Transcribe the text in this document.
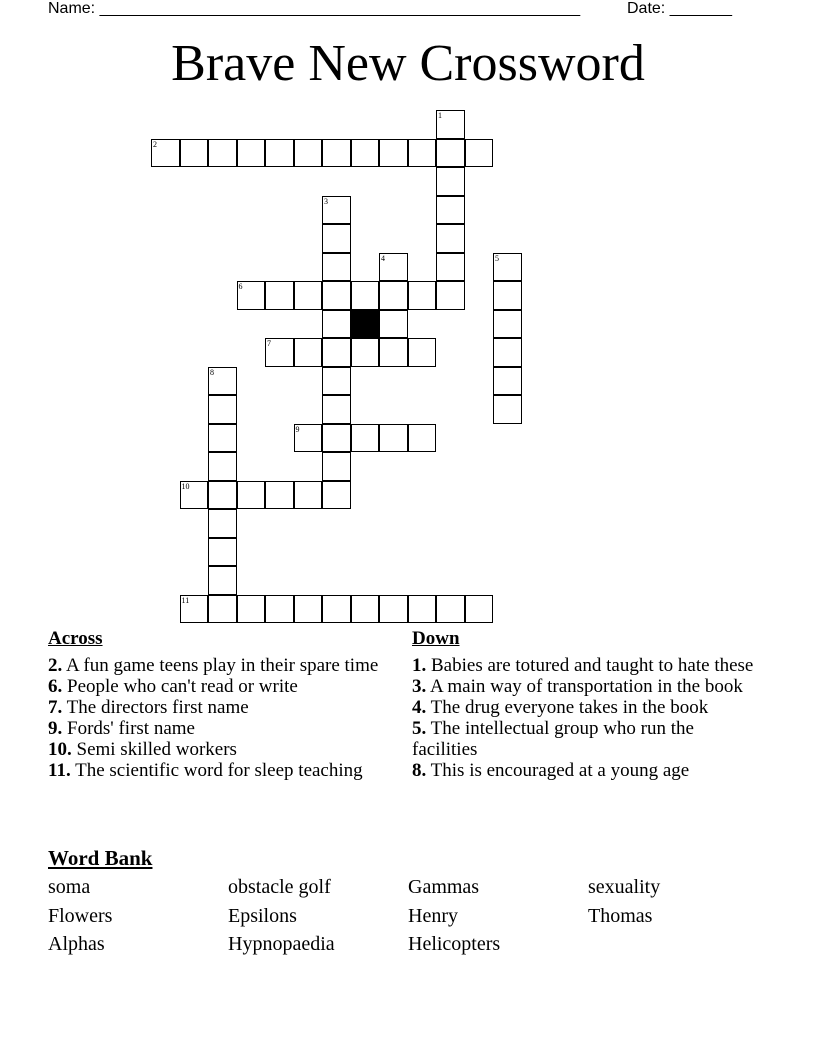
Name: ______________________________________________________	Date: _______
Brave New Crossword
1
2
3
4	5
6
7
8
9
10
11
Across
2. A fun game teens play in their spare time
6. People who can't read or write
7. The directors first name
9. Fords' first name
10. Semi skilled workers
11. The scientific word for sleep teaching
Down
1. Babies are totured and taught to hate these
3. A main way of transportation in the book
4. The drug everyone takes in the book
5. The intellectual group who run the facilities
8. This is encouraged at a young age
Word Bank
soma	obstacle golf	Gammas	sexuality
Flowers	Epsilons	Henry	Thomas
Alphas	Hypnopaedia	Helicopters
